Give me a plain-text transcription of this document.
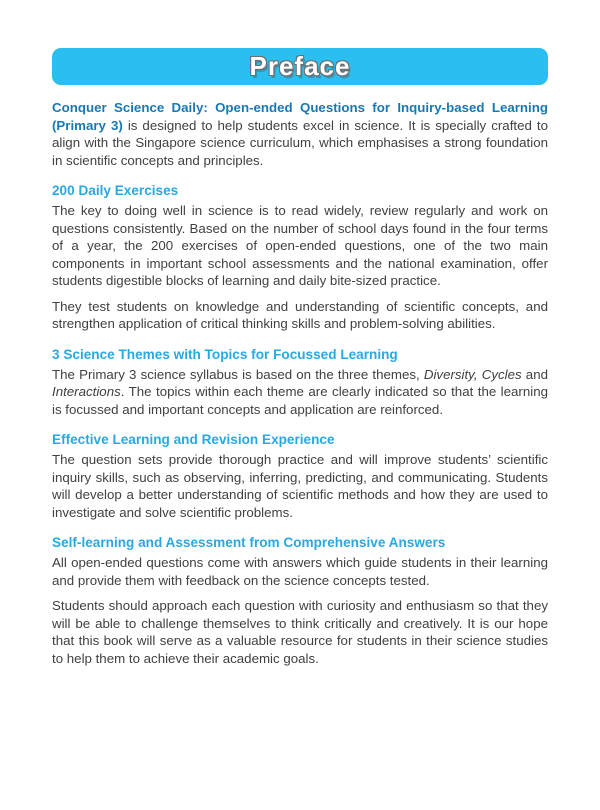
Preface

Conquer Science Daily: Open-ended Questions for Inquiry-based Learning (Primary 3) is designed to help students excel in science. It is specially crafted to align with the Singapore science curriculum, which emphasises a strong foundation in scientific concepts and principles.

200 Daily Exercises

The key to doing well in science is to read widely, review regularly and work on questions consistently. Based on the number of school days found in the four terms of a year, the 200 exercises of open-ended questions, one of the two main components in important school assessments and the national examination, offer students digestible blocks of learning and daily bite-sized practice.

They test students on knowledge and understanding of scientific concepts, and strengthen application of critical thinking skills and problem-solving abilities.

3 Science Themes with Topics for Focussed Learning

The Primary 3 science syllabus is based on the three themes, Diversity, Cycles and Interactions. The topics within each theme are clearly indicated so that the learning is focussed and important concepts and application are reinforced.

Effective Learning and Revision Experience

The question sets provide thorough practice and will improve students’ scientific inquiry skills, such as observing, inferring, predicting, and communicating. Students will develop a better understanding of scientific methods and how they are used to investigate and solve scientific problems.

Self-learning and Assessment from Comprehensive Answers

All open-ended questions come with answers which guide students in their learning and provide them with feedback on the science concepts tested.

Students should approach each question with curiosity and enthusiasm so that they will be able to challenge themselves to think critically and creatively. It is our hope that this book will serve as a valuable resource for students in their science studies to help them to achieve their academic goals.
